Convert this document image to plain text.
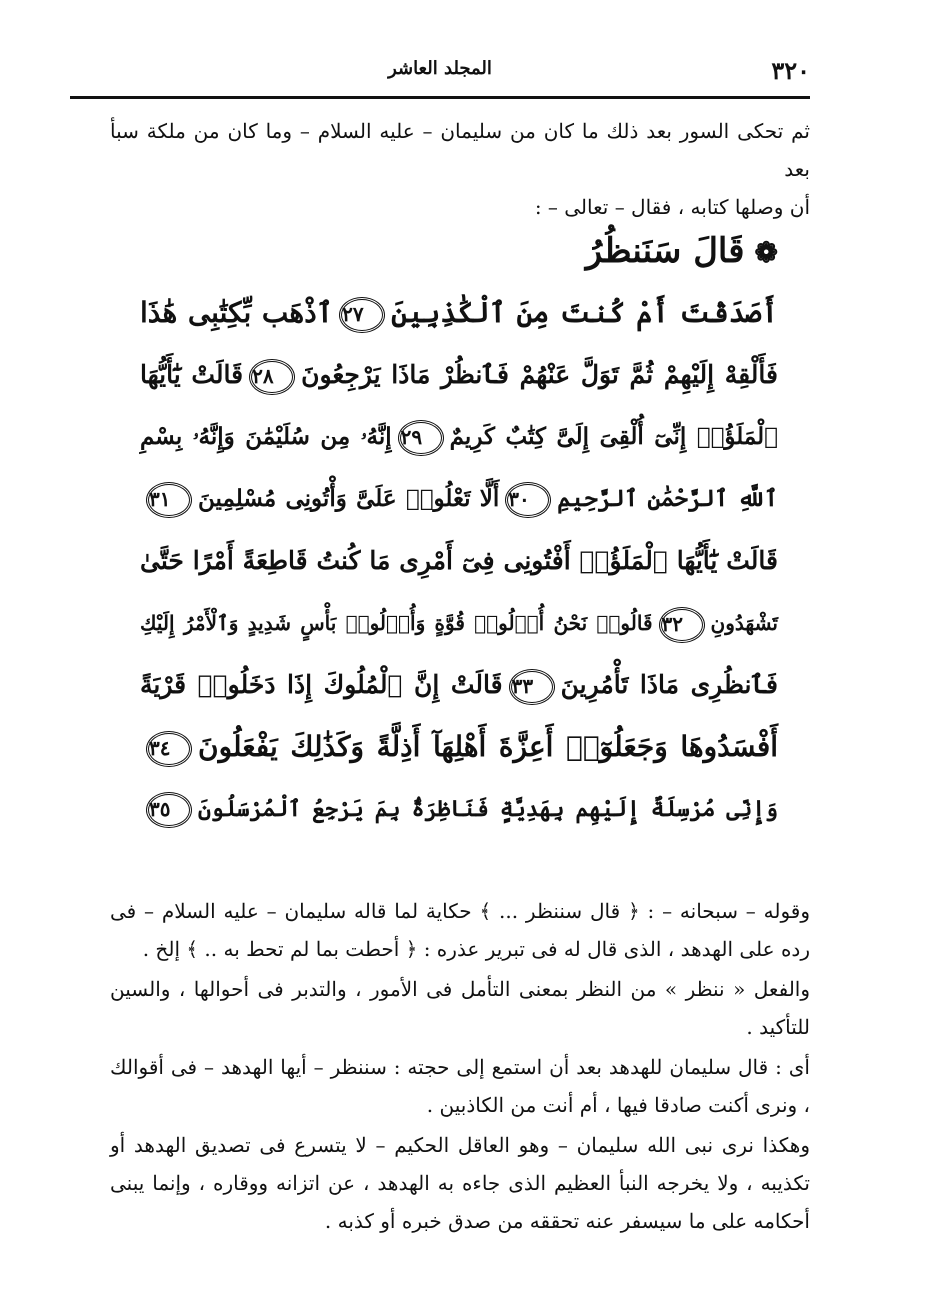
٣٢٠
المجلد العاشر

ثم تحكى السور بعد ذلك ما كان من سليمان – عليه السلام – وما كان من ملكة سبأ بعد

أن وصلها كتابه ، فقال – تعالى – :

❁قَالَ سَنَنظُرُ
أَصَدَقْتَ أَمْ كُنتَ مِنَ ٱلْكَٰذِبِينَ٢٧ٱذْهَب بِّكِتَٰبِى هَٰذَا
فَأَلْقِهْ إِلَيْهِمْ ثُمَّ تَوَلَّ عَنْهُمْ فَٱنظُرْ مَاذَا يَرْجِعُونَ٢٨قَالَتْ يَٰٓأَيُّهَا
ٱلْمَلَؤُا۟ إِنِّىٓ أُلْقِىَ إِلَىَّ كِتَٰبٌ كَرِيمٌ٢٩إِنَّهُۥ مِن سُلَيْمَٰنَ وَإِنَّهُۥ بِسْمِ
ٱللَّهِ ٱلرَّحْمَٰنِ ٱلرَّحِيمِ٣٠أَلَّا تَعْلُوا۟ عَلَىَّ وَأْتُونِى مُسْلِمِينَ٣١
قَالَتْ يَٰٓأَيُّهَا ٱلْمَلَؤُا۟ أَفْتُونِى فِىٓ أَمْرِى مَا كُنتُ قَاطِعَةً أَمْرًا حَتَّىٰ
تَشْهَدُونِ٣٢قَالُوا۟ نَحْنُ أُو۟لُوا۟ قُوَّةٍ وَأُو۟لُوا۟ بَأْسٍ شَدِيدٍ وَٱلْأَمْرُ إِلَيْكِ
فَٱنظُرِى مَاذَا تَأْمُرِينَ٣٣قَالَتْ إِنَّ ٱلْمُلُوكَ إِذَا دَخَلُوا۟ قَرْيَةً
أَفْسَدُوهَا وَجَعَلُوٓا۟ أَعِزَّةَ أَهْلِهَآ أَذِلَّةً وَكَذَٰلِكَ يَفْعَلُونَ٣٤
وَإِنِّى مُرْسِلَةٌ إِلَيْهِم بِهَدِيَّةٍ فَنَاظِرَةٌۢ بِمَ يَرْجِعُ ٱلْمُرْسَلُونَ٣٥

وقوله – سبحانه – : ﴿ قال سننظر ... ﴾ حكاية لما قاله سليمان – عليه السلام – فى رده على الهدهد ، الذى قال له فى تبرير عذره : ﴿ أحطت بما لم تحط به .. ﴾ إلخ .

والفعل « ننظر » من النظر بمعنى التأمل فى الأمور ، والتدبر فى أحوالها ، والسين للتأكيد .

أى : قال سليمان للهدهد بعد أن استمع إلى حجته : سننظر – أيها الهدهد – فى أقوالك ، ونرى أكنت صادقا فيها ، أم أنت من الكاذبين .

وهكذا نرى نبى الله سليمان – وهو العاقل الحكيم – لا يتسرع فى تصديق الهدهد أو تكذيبه ، ولا يخرجه النبأ العظيم الذى جاءه به الهدهد ، عن اتزانه ووقاره ، وإنما يبنى أحكامه على ما سيسفر عنه تحققه من صدق خبره أو كذبه .
